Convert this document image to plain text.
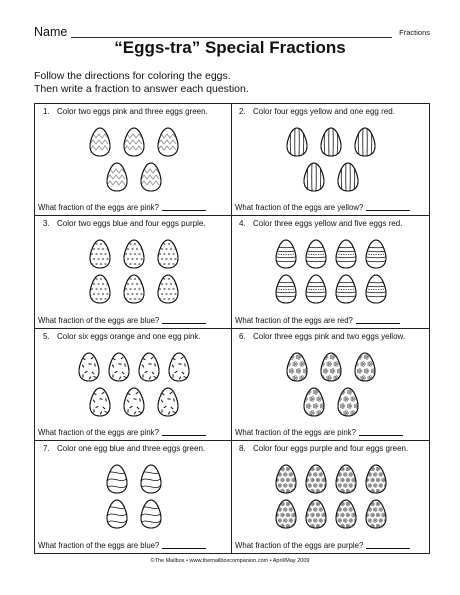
Name	Fractions
“Eggs-tra” Special Fractions
Follow the directions for coloring the eggs.
Then write a fraction to answer each question.
1. Color two eggs pink and three eggs green.
What fraction of the eggs are pink?
2. Color four eggs yellow and one egg red.
What fraction of the eggs are yellow?
3. Color two eggs blue and four eggs purple.
What fraction of the eggs are blue?
4. Color three eggs yellow and five eggs red.
What fraction of the eggs are red?
5. Color six eggs orange and one egg pink.
What fraction of the eggs are pink?
6. Color three eggs pink and two eggs yellow.
What fraction of the eggs are pink?
7. Color one egg blue and three eggs green.
What fraction of the eggs are blue?
8. Color four eggs purple and four eggs green.
What fraction of the eggs are purple?
©The Mailbox • www.themailboxcompanion.com • April/May 2009
